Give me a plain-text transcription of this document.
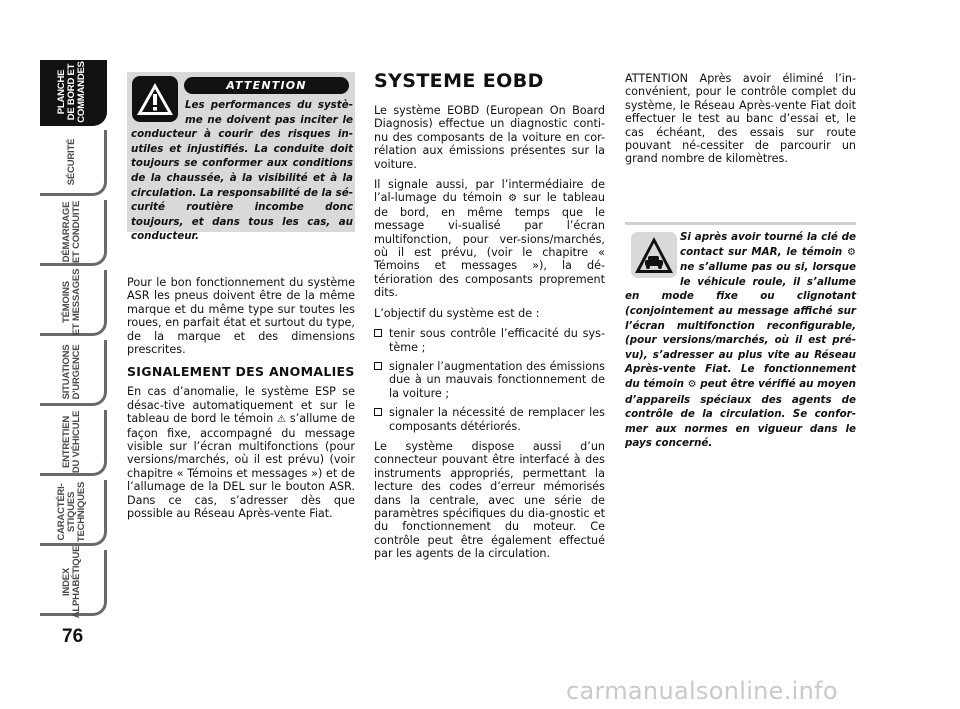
PLANCHE
DE BORD ET
COMMANDES
SÉCURITÉ
DÉMARRAGE
ET CONDUITE
TÉMOINS
ET MESSAGES
SITUATIONS
D'URGENCE
ENTRETIEN
DU VÉHICULE
CARACTÉRI-
STIQUES
TECHNIQUES
INDEX
ALPHABÉTIQUE
76
ATTENTION
Les performances du systè-me ne doivent pas inciter le conducteur à courir des risques in-utiles et injustifiés. La conduite doit toujours se conformer aux conditions de la chaussée, à la visibilité et à la circulation. La responsabilité de la sé-curité routière incombe donc toujours, et dans tous les cas, au conducteur.

Pour le bon fonctionnement du système ASR les pneus doivent être de la même marque et du même type sur toutes les roues, en parfait état et surtout du type, de la marque et des dimensions prescrites.

SIGNALEMENT DES ANOMALIES

En cas d’anomalie, le système ESP se désac-tive automatiquement et sur le tableau de bord le témoin ⚠ s’allume de façon fixe, accompagné du message visible sur l’écran multifonctions (pour versions/marchés, où il est prévu) (voir chapitre « Témoins et messages ») et de l’allumage de la DEL sur le bouton ASR. Dans ce cas, s’adresser dès que possible au Réseau Après-vente Fiat.

SYSTEME EOBD

Le système EOBD (European On Board Diagnosis) effectue un diagnostic conti-nu des composants de la voiture en cor-rélation aux émissions présentes sur la voiture.

Il signale aussi, par l’intermédiaire de l’al-lumage du témoin ⚙ sur le tableau de bord, en même temps que le message vi-sualisé par l’écran multifonction, pour ver-sions/marchés, où il est prévu, (voir le chapitre « Témoins et messages »), la dé-térioration des composants proprement dits.

L’objectif du système est de :

tenir sous contrôle l’efficacité du sys-tème ;
signaler l’augmentation des émissions due à un mauvais fonctionnement de la voiture ;
signaler la nécessité de remplacer les composants détériorés.

Le système dispose aussi d’un connecteur pouvant être interfacé à des instruments appropriés, permettant la lecture des codes d’erreur mémorisés dans la centrale, avec une série de paramètres spécifiques du dia-gnostic et du fonctionnement du moteur. Ce contrôle peut être également effectué par les agents de la circulation.

ATTENTION Après avoir éliminé l’in-convénient, pour le contrôle complet du système, le Réseau Après-vente Fiat doit effectuer le test au banc d’essai et, le cas échéant, des essais sur route pouvant né-cessiter de parcourir un grand nombre de kilomètres.

Si après avoir tourné la clé de contact sur MAR, le témoin ⚙ ne s’allume pas ou si, lorsque le véhicule roule, il s’allume en mode fixe ou clignotant (conjointement au message affiché sur l’écran multifonction reconfigurable, (pour versions/marchés, où il est pré-vu), s’adresser au plus vite au Réseau Après-vente Fiat. Le fonctionnement du témoin ⚙ peut être vérifié au moyen d’appareils spéciaux des agents de contrôle de la circulation. Se confor-mer aux normes en vigueur dans le pays concerné.
carmanualsonline.info
